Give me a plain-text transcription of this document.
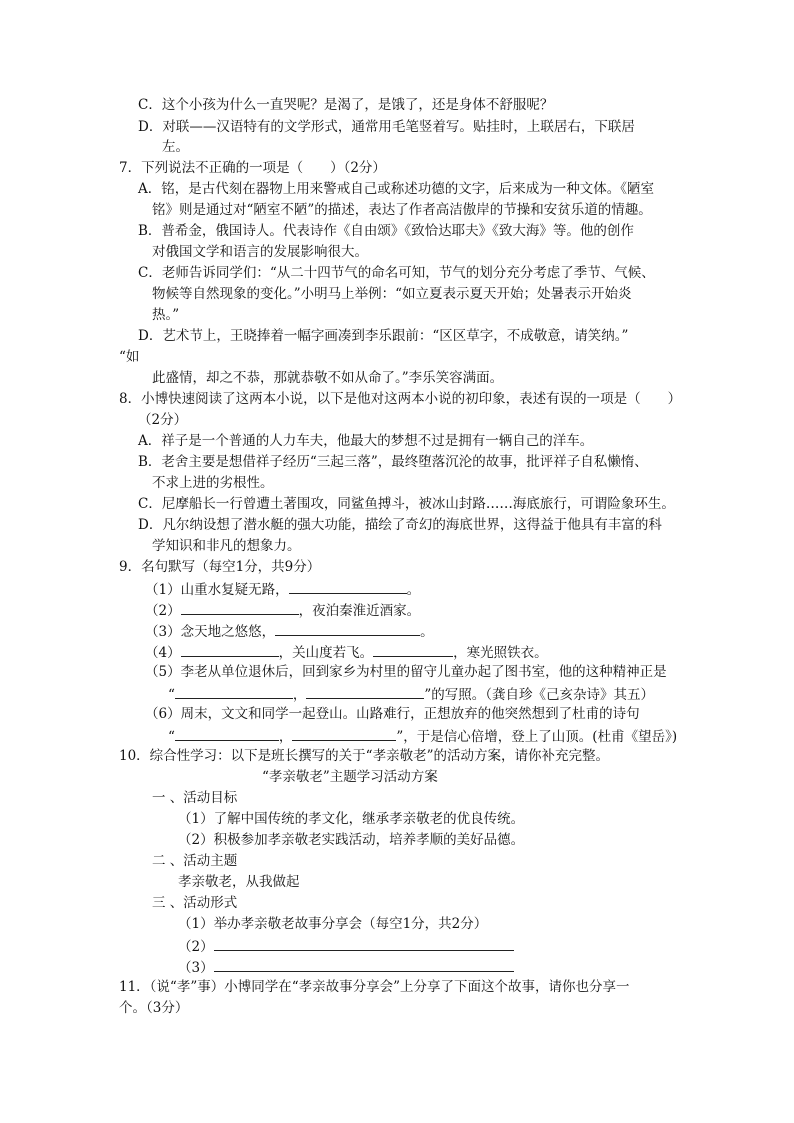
C．这个小孩为什么一直哭呢？是渴了，是饿了，还是身体不舒服呢？
D．对联——汉语特有的文学形式，通常用毛笔竖着写。贴挂时，上联居右，下联居
左。
7．下列说法不正确的一项是（　　）（2分）
A．铭，是古代刻在器物上用来警戒自己或称述功德的文字，后来成为一种文体。《陋室
铭》则是通过对“陋室不陋”的描述，表达了作者高洁傲岸的节操和安贫乐道的情趣。
B．普希金，俄国诗人。代表诗作《自由颂》《致恰达耶夫》《致大海》等。他的创作
对俄国文学和语言的发展影响很大。
C．老师告诉同学们：“从二十四节气的命名可知，节气的划分充分考虑了季节、气候、
物候等自然现象的变化。”小明马上举例：“如立夏表示夏天开始；处暑表示开始炎
热。”
D．艺术节上，王晓捧着一幅字画凑到李乐跟前：“区区草字，不成敬意，请笑纳。”
“如
此盛情，却之不恭，那就恭敬不如从命了。”李乐笑容满面。
8．小博快速阅读了这两本小说，以下是他对这两本小说的初印象，表述有误的一项是（　　）
（2分）
A．祥子是一个普通的人力车夫，他最大的梦想不过是拥有一辆自己的洋车。
B．老舍主要是想借祥子经历“三起三落”，最终堕落沉沦的故事，批评祥子自私懒惰、
不求上进的劣根性。
C．尼摩船长一行曾遭土著围攻，同鲨鱼搏斗，被冰山封路……海底旅行，可谓险象环生。
D．凡尔纳设想了潜水艇的强大功能，描绘了奇幻的海底世界，这得益于他具有丰富的科
学知识和非凡的想象力。
9．名句默写（每空1分，共9分）
（1）山重水复疑无路，	。
（2）	，夜泊秦淮近酒家。
（3）念天地之悠悠，	。
（4）	，关山度若飞。	，寒光照铁衣。
（5）李老从单位退休后，回到家乡为村里的留守儿童办起了图书室，他的这种精神正是
“	，	”的写照。（龚自珍《己亥杂诗》其五）
（6）周末，文文和同学一起登山。山路难行，正想放弃的他突然想到了杜甫的诗句
“	，	”，于是信心倍增，登上了山顶。(杜甫《望岳》)
10．综合性学习：以下是班长撰写的关于“孝亲敬老”的活动方案，请你补充完整。
“孝亲敬老”主题学习活动方案
一 、活动目标
（1）了解中国传统的孝文化，继承孝亲敬老的优良传统。
（2）积极参加孝亲敬老实践活动，培养孝顺的美好品德。
二 、活动主题
孝亲敬老，从我做起
三 、活动形式
（1）举办孝亲敬老故事分享会（每空1分，共2分）
（2）
（3）
11．（说“孝”事）小博同学在“孝亲故事分享会”上分享了下面这个故事，请你也分享一
个。（3分）
